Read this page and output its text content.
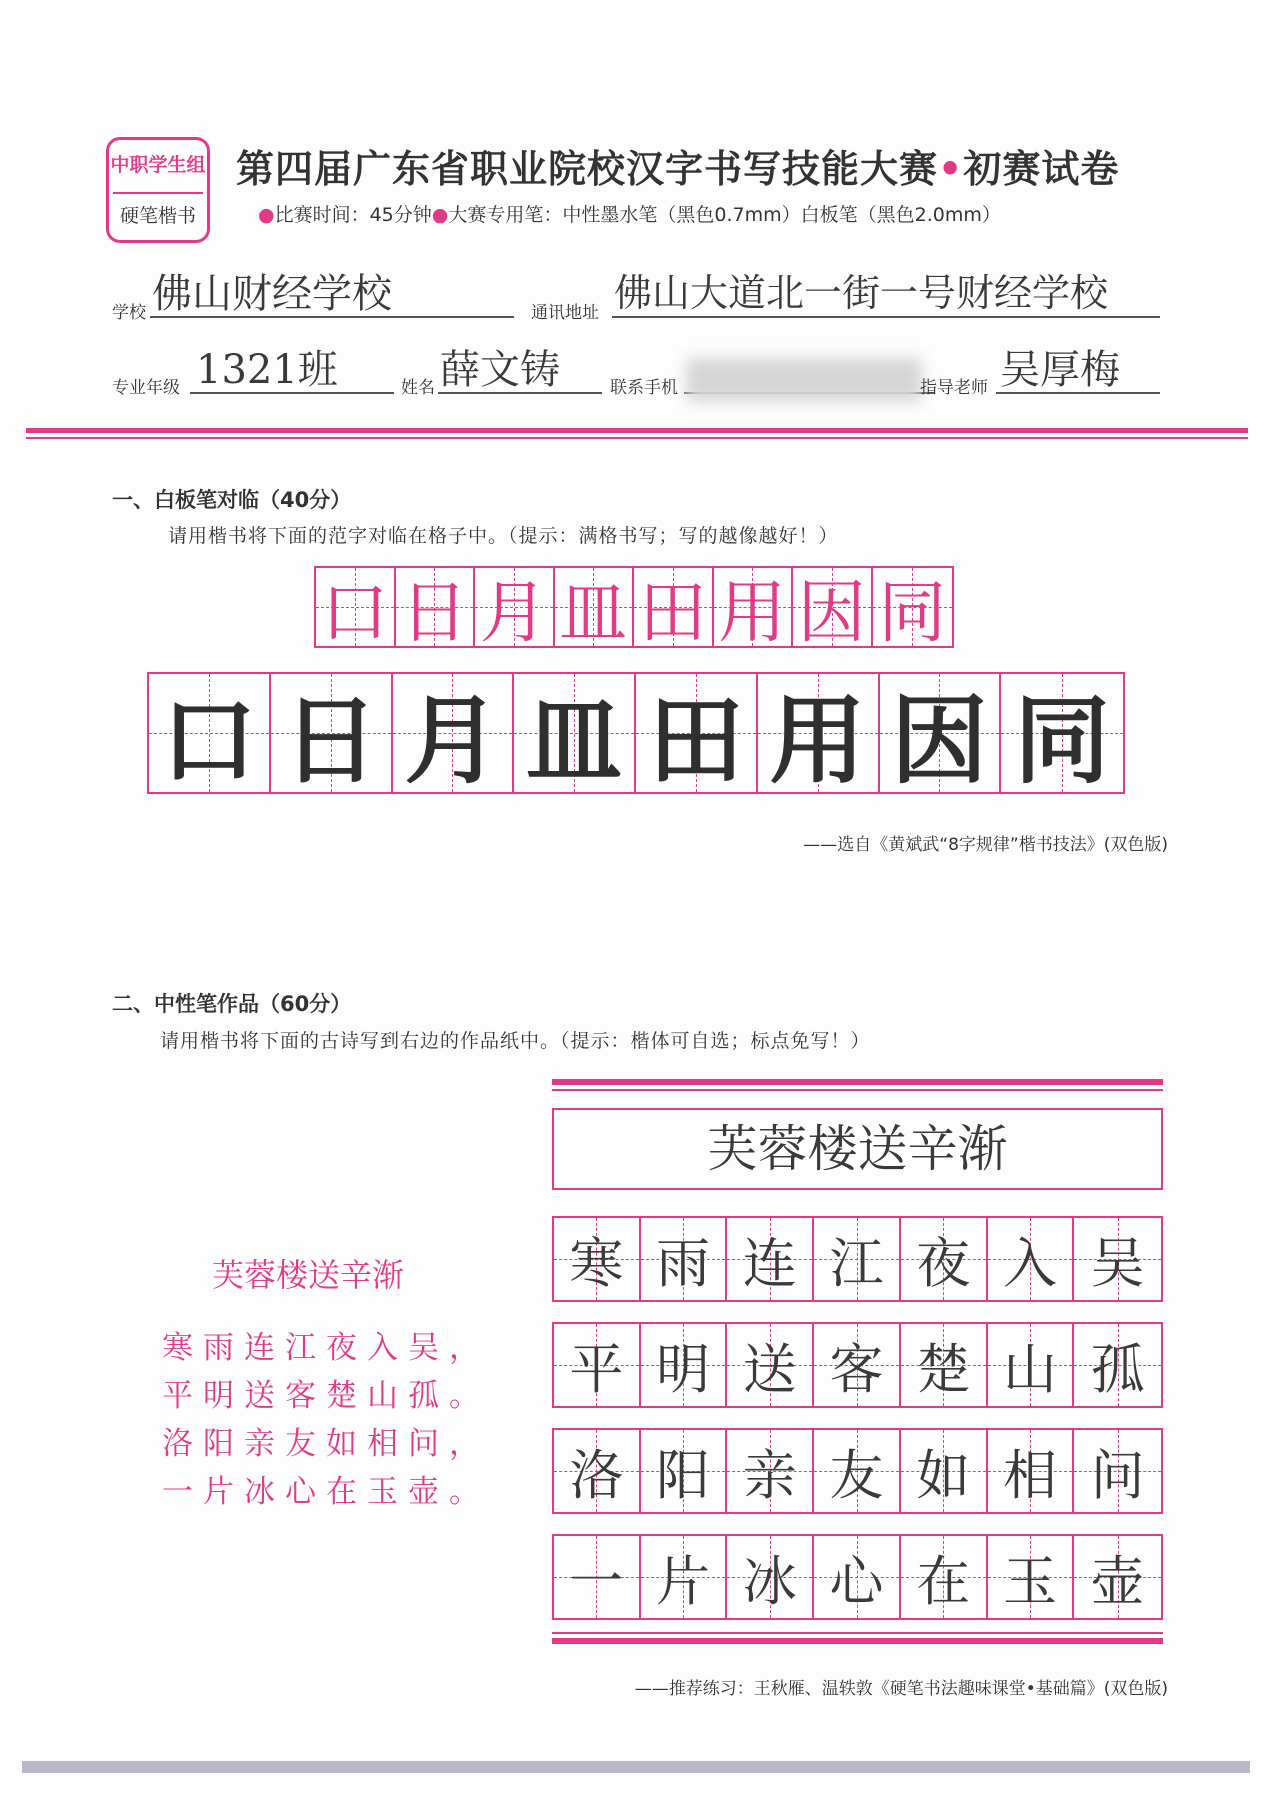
中职学生组
硬笔楷书
第四届广东省职业院校汉字书写技能大赛•初赛试卷
●比赛时间：45分钟●大赛专用笔：中性墨水笔（黑色0.7mm）白板笔（黑色2.0mm）
学校 佛山财经学校	通讯地址 佛山大道北一街一号财经学校
专业年级 1321班	姓名 薛文铸	联系手机	指导老师 吴厚梅
一、白板笔对临（40分）
请用楷书将下面的范字对临在格子中。（提示：满格书写；写的越像越好！）
口 日 月 皿 田 用 因 同
口 日 月 皿 田 用 因 同
——选自《黄斌武“8字规律”楷书技法》(双色版)
二、中性笔作品（60分）
请用楷书将下面的古诗写到右边的作品纸中。（提示：楷体可自选；标点免写！）
芙蓉楼送辛渐
寒雨连江夜入吴，
平明送客楚山孤。
洛阳亲友如相问，
一片冰心在玉壶。
芙蓉楼送辛渐
寒 雨 连 江 夜 入 吴
平 明 送 客 楚 山 孤
洛 阳 亲 友 如 相 问
一 片 冰 心 在 玉 壶
——推荐练习：王秋雁、温轶敦《硬笔书法趣味课堂•基础篇》(双色版)
